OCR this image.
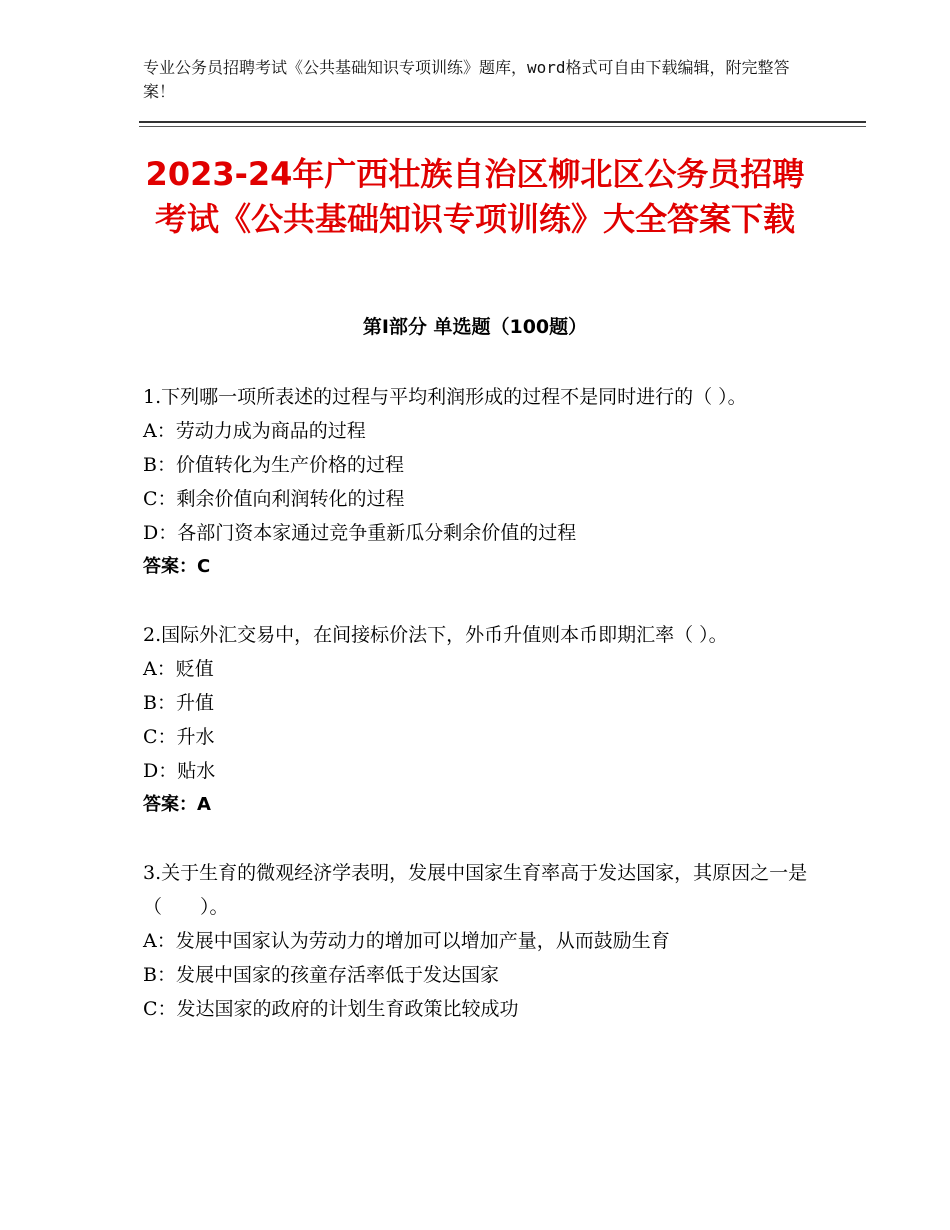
专业公务员招聘考试《公共基础知识专项训练》题库，word格式可自由下载编辑，附完整答案！
2023-24年广西壮族自治区柳北区公务员招聘考试《公共基础知识专项训练》大全答案下载
第Ⅰ部分 单选题（100题）

1.下列哪一项所表述的过程与平均利润形成的过程不是同时进行的（ ）。

A：劳动力成为商品的过程

B：价值转化为生产价格的过程

C：剩余价值向利润转化的过程

D：各部门资本家通过竞争重新瓜分剩余价值的过程

答案：C

2.国际外汇交易中，在间接标价法下，外币升值则本币即期汇率（ ）。

A：贬值

B：升值

C：升水

D：贴水

答案：A

3.关于生育的微观经济学表明，发展中国家生育率高于发达国家，其原因之一是（　　）。

A：发展中国家认为劳动力的增加可以增加产量，从而鼓励生育

B：发展中国家的孩童存活率低于发达国家

C：发达国家的政府的计划生育政策比较成功
